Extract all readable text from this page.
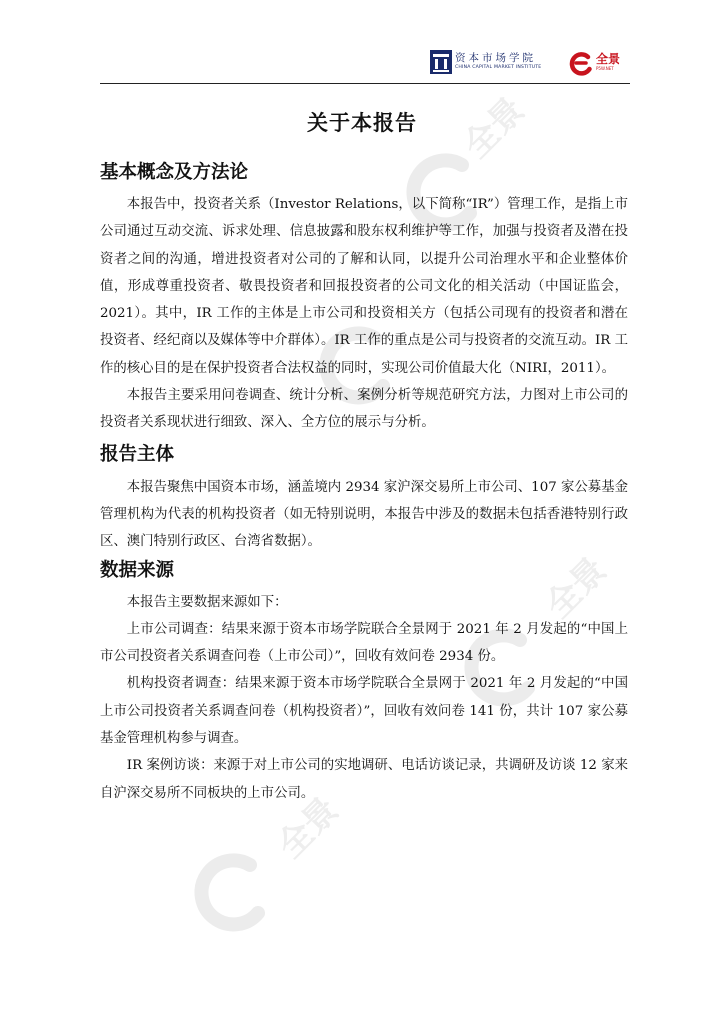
全景
全景
全景
资本市场学院
CHINA CAPITAL MARKET INSTITUTE
全景
P5W.NET
关于本报告
基本概念及方法论

本报告中，投资者关系（Investor Relations，以下简称“IR”）管理工作，是指上市公司通过互动交流、诉求处理、信息披露和股东权利维护等工作，加强与投资者及潜在投资者之间的沟通，增进投资者对公司的了解和认同，以提升公司治理水平和企业整体价值，形成尊重投资者、敬畏投资者和回报投资者的公司文化的相关活动（中国证监会，2021）。其中，IR 工作的主体是上市公司和投资相关方（包括公司现有的投资者和潜在投资者、经纪商以及媒体等中介群体）。IR 工作的重点是公司与投资者的交流互动。IR 工作的核心目的是在保护投资者合法权益的同时，实现公司价值最大化（NIRI，2011）。

本报告主要采用问卷调查、统计分析、案例分析等规范研究方法，力图对上市公司的投资者关系现状进行细致、深入、全方位的展示与分析。

报告主体

本报告聚焦中国资本市场，涵盖境内 2934 家沪深交易所上市公司、107 家公募基金管理机构为代表的机构投资者（如无特别说明，本报告中涉及的数据未包括香港特别行政区、澳门特别行政区、台湾省数据）。

数据来源

本报告主要数据来源如下：

上市公司调查：结果来源于资本市场学院联合全景网于 2021 年 2 月发起的“中国上市公司投资者关系调查问卷（上市公司）”，回收有效问卷 2934 份。

机构投资者调查：结果来源于资本市场学院联合全景网于 2021 年 2 月发起的“中国上市公司投资者关系调查问卷（机构投资者）”，回收有效问卷 141 份，共计 107 家公募基金管理机构参与调查。

IR 案例访谈：来源于对上市公司的实地调研、电话访谈记录，共调研及访谈 12 家来自沪深交易所不同板块的上市公司。
